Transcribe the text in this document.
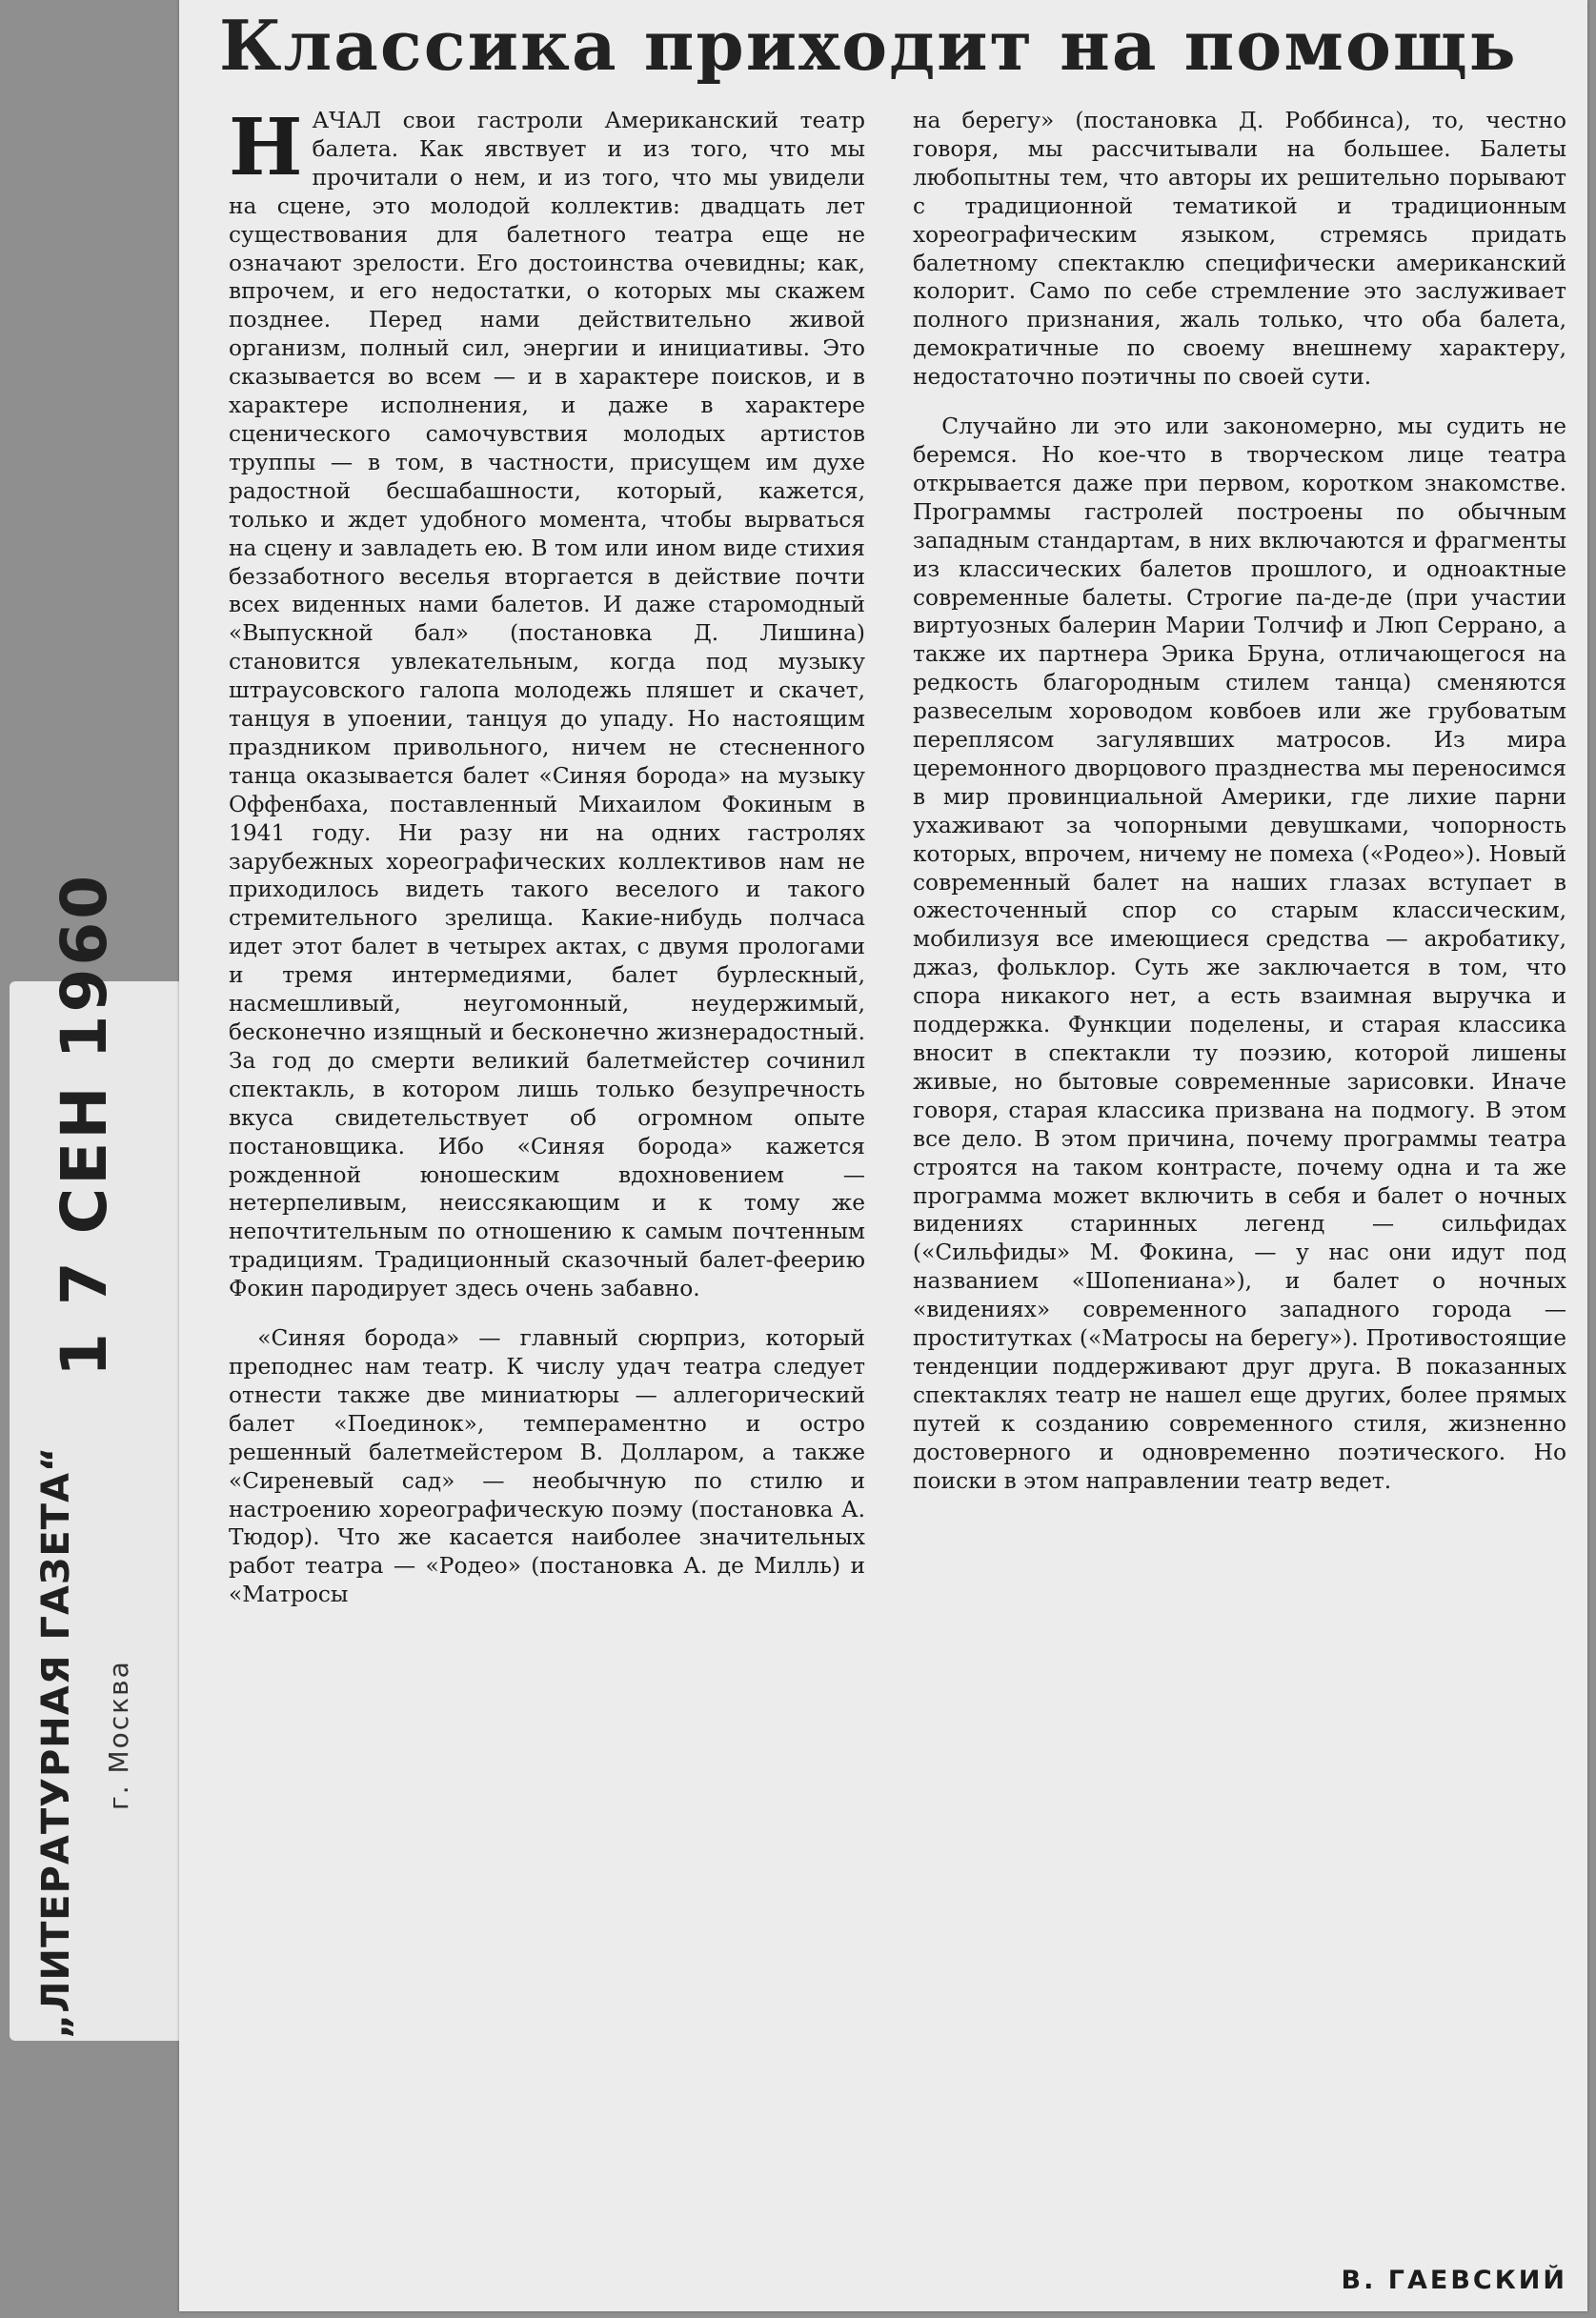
1 7 СЕН 1960

„ЛИТЕРАТУРНАЯ ГАЗЕТА“ г. Москва

Классика приходит на помощь

НАЧАЛ свои гастроли Американский театр балета. Как явствует и из того, что мы прочитали о нем, и из того, что мы увидели на сцене, это молодой коллектив: двадцать лет существования для балетного театра еще не означают зрелости. Его достоинства очевидны; как, впрочем, и его недостатки, о которых мы скажем позднее. Перед нами действительно живой организм, полный сил, энергии и инициативы. Это сказывается во всем — и в характере поисков, и в характере исполнения, и даже в характере сценического самочувствия молодых артистов труппы — в том, в частности, присущем им духе радостной бесшабашности, который, кажется, только и ждет удобного момента, чтобы вырваться на сцену и завладеть ею. В том или ином виде стихия беззаботного веселья вторгается в действие почти всех виденных нами балетов. И даже старомодный «Выпускной бал» (постановка Д. Лишина) становится увлекательным, когда под музыку штраусовского галопа молодежь пляшет и скачет, танцуя в упоении, танцуя до упаду. Но настоящим праздником привольного, ничем не стесненного танца оказывается балет «Синяя борода» на музыку Оффенбаха, поставленный Михаилом Фокиным в 1941 году. Ни разу ни на одних гастролях зарубежных хореографических коллективов нам не приходилось видеть такого веселого и такого стремительного зрелища. Какие-нибудь полчаса идет этот балет в четырех актах, с двумя прологами и тремя интермедиями, балет бурлескный, насмешливый, неугомонный, неудержимый, бесконечно изящный и бесконечно жизнерадостный. За год до смерти великий балетмейстер сочинил спектакль, в котором лишь только безупречность вкуса свидетельствует об огромном опыте постановщика. Ибо «Синяя борода» кажется рожденной юношеским вдохновением — нетерпеливым, неиссякающим и к тому же непочтительным по отношению к самым почтенным традициям. Традиционный сказочный балет-феерию Фокин пародирует здесь очень забавно.

«Синяя борода» — главный сюрприз, который преподнес нам театр. К числу удач театра следует отнести также две миниатюры — аллегорический балет «Поединок», темпераментно и остро решенный балетмейстером В. Долларом, а также «Сиреневый сад» — необычную по стилю и настроению хореографическую поэму (постановка А. Тюдор). Что же касается наиболее значительных работ театра — «Родео» (постановка А. де Милль) и «Матросы

на берегу» (постановка Д. Роббинса), то, честно говоря, мы рассчитывали на большее. Балеты любопытны тем, что авторы их решительно порывают с традиционной тематикой и традиционным хореографическим языком, стремясь придать балетному спектаклю специфически американский колорит. Само по себе стремление это заслуживает полного признания, жаль только, что оба балета, демократичные по своему внешнему характеру, недостаточно поэтичны по своей сути.

Случайно ли это или закономерно, мы судить не беремся. Но кое-что в творческом лице театра открывается даже при первом, коротком знакомстве. Программы гастролей построены по обычным западным стандартам, в них включаются и фрагменты из классических балетов прошлого, и одноактные современные балеты. Строгие па-де-де (при участии виртуозных балерин Марии Толчиф и Люп Серрано, а также их партнера Эрика Бруна, отличающегося на редкость благородным стилем танца) сменяются развеселым хороводом ковбоев или же грубоватым переплясом загулявших матросов. Из мира церемонного дворцового празднества мы переносимся в мир провинциальной Америки, где лихие парни ухаживают за чопорными девушками, чопорность которых, впрочем, ничему не помеха («Родео»). Новый современный балет на наших глазах вступает в ожесточенный спор со старым классическим, мобилизуя все имеющиеся средства — акробатику, джаз, фольклор. Суть же заключается в том, что спора никакого нет, а есть взаимная выручка и поддержка. Функции поделены, и старая классика вносит в спектакли ту поэзию, которой лишены живые, но бытовые современные зарисовки. Иначе говоря, старая классика призвана на подмогу. В этом все дело. В этом причина, почему программы театра строятся на таком контрасте, почему одна и та же программа может включить в себя и балет о ночных видениях старинных легенд — сильфидах («Сильфиды» М. Фокина, — у нас они идут под названием «Шопениана»), и балет о ночных «видениях» современного западного города — проститутках («Матросы на берегу»). Противостоящие тенденции поддерживают друг друга. В показанных спектаклях театр не нашел еще других, более прямых путей к созданию современного стиля, жизненно достоверного и одновременно поэтического. Но поиски в этом направлении театр ведет.

В. ГАЕВСКИЙ
